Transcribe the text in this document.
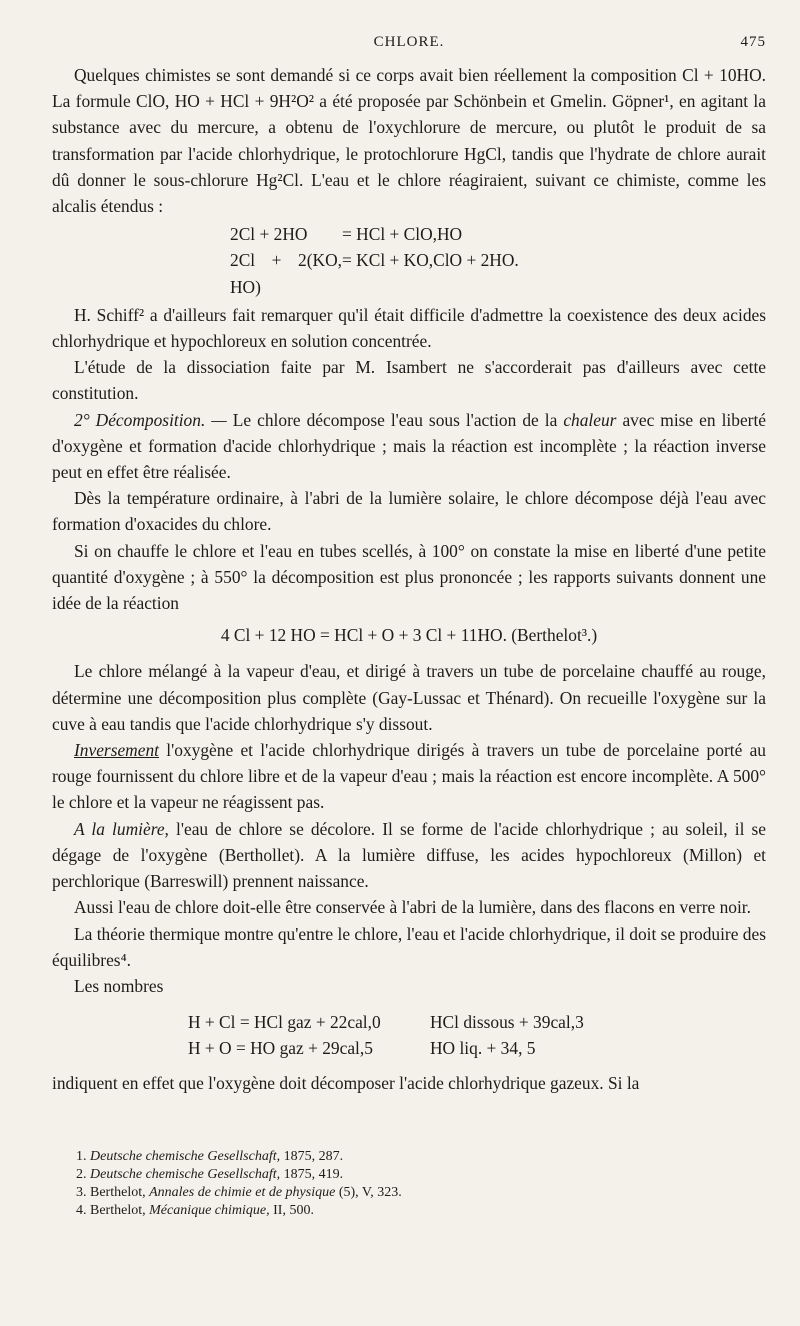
CHLORE.	475

Quelques chimistes se sont demandé si ce corps avait bien réellement la composition Cl + 10HO. La formule ClO, HO + HCl + 9H²O² a été proposée par Schönbein et Gmelin. Göpner¹, en agitant la substance avec du mercure, a obtenu de l'oxychlorure de mercure, ou plutôt le produit de sa transformation par l'acide chlorhydrique, le protochlorure HgCl, tandis que l'hydrate de chlore aurait dû donner le sous-chlorure Hg²Cl. L'eau et le chlore réagiraient, suivant ce chimiste, comme les alcalis étendus :

2Cl + 2HO	= HCl + ClO,HO
2Cl + 2(KO, HO)
= KCl + KO,ClO + 2HO.

H. Schiff² a d'ailleurs fait remarquer qu'il était difficile d'admettre la coexistence des deux acides chlorhydrique et hypochloreux en solution concentrée.

L'étude de la dissociation faite par M. Isambert ne s'accorderait pas d'ailleurs avec cette constitution.

2° Décomposition. — Le chlore décompose l'eau sous l'action de la chaleur avec mise en liberté d'oxygène et formation d'acide chlorhydrique ; mais la réaction est incomplète ; la réaction inverse peut en effet être réalisée.

Dès la température ordinaire, à l'abri de la lumière solaire, le chlore décompose déjà l'eau avec formation d'oxacides du chlore.

Si on chauffe le chlore et l'eau en tubes scellés, à 100° on constate la mise en liberté d'une petite quantité d'oxygène ; à 550° la décomposition est plus prononcée ; les rapports suivants donnent une idée de la réaction

4 Cl + 12 HO = HCl + O + 3 Cl + 11HO. (Berthelot³.)

Le chlore mélangé à la vapeur d'eau, et dirigé à travers un tube de porcelaine chauffé au rouge, détermine une décomposition plus complète (Gay-Lussac et Thénard). On recueille l'oxygène sur la cuve à eau tandis que l'acide chlorhydrique s'y dissout.

Inversement l'oxygène et l'acide chlorhydrique dirigés à travers un tube de porcelaine porté au rouge fournissent du chlore libre et de la vapeur d'eau ; mais la réaction est encore incomplète. A 500° le chlore et la vapeur ne réagissent pas.

A la lumière, l'eau de chlore se décolore. Il se forme de l'acide chlorhydrique ; au soleil, il se dégage de l'oxygène (Berthollet). A la lumière diffuse, les acides hypochloreux (Millon) et perchlorique (Barreswill) prennent naissance.

Aussi l'eau de chlore doit-elle être conservée à l'abri de la lumière, dans des flacons en verre noir.

La théorie thermique montre qu'entre le chlore, l'eau et l'acide chlorhydrique, il doit se produire des équilibres⁴.

Les nombres

H + Cl = HCl gaz + 22cal,0	HCl dissous + 39cal,3
H + O = HO gaz + 29cal,5	HO liq. + 34, 5

indiquent en effet que l'oxygène doit décomposer l'acide chlorhydrique gazeux. Si la

1. Deutsche chemische Gesellschaft, 1875, 287.
2. Deutsche chemische Gesellschaft, 1875, 419.
3. Berthelot, Annales de chimie et de physique (5), V, 323.
4. Berthelot, Mécanique chimique, II, 500.
